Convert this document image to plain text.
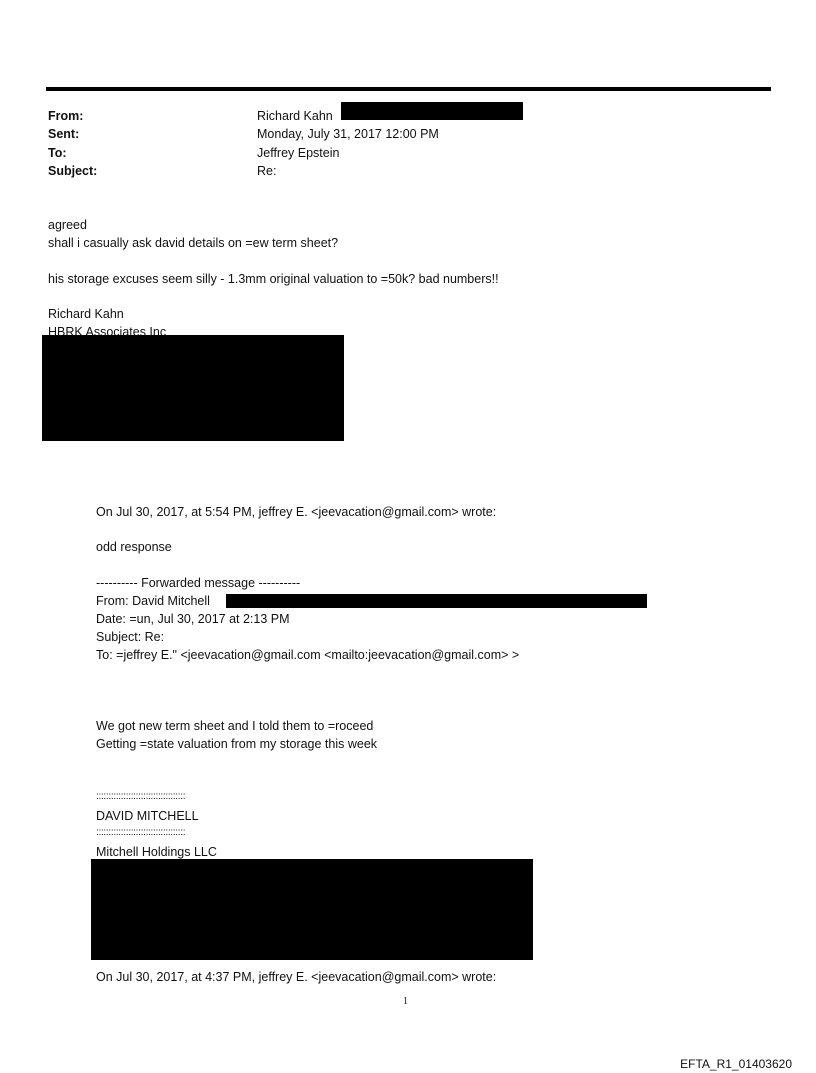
From:	Richard Kahn
Sent:	Monday, July 31, 2017 12:00 PM
To:	Jeffrey Epstein
Subject:	Re:
agreed
shall i casually ask david details on =ew term sheet?
his storage excuses seem silly - 1.3mm original valuation to =50k? bad numbers!!
Richard Kahn
HBRK Associates Inc
On Jul 30, 2017, at 5:54 PM, jeffrey E. <jeevacation@gmail.com> wrote:
odd response
---------- Forwarded message ----------
From: David Mitchell
Date: =un, Jul 30, 2017 at 2:13 PM
Subject: Re:
To: =jeffrey E." <jeevacation@gmail.com <mailto:jeevacation@gmail.com> >
We got new term sheet and I told them to =roceed
Getting =state valuation from my storage this week
::::::::::::::::::::::::::::::::::::
DAVID MITCHELL
::::::::::::::::::::::::::::::::::::
Mitchell Holdings LLC
On Jul 30, 2017, at 4:37 PM, jeffrey E. <jeevacation@gmail.com> wrote:
1
EFTA_R1_01403620
